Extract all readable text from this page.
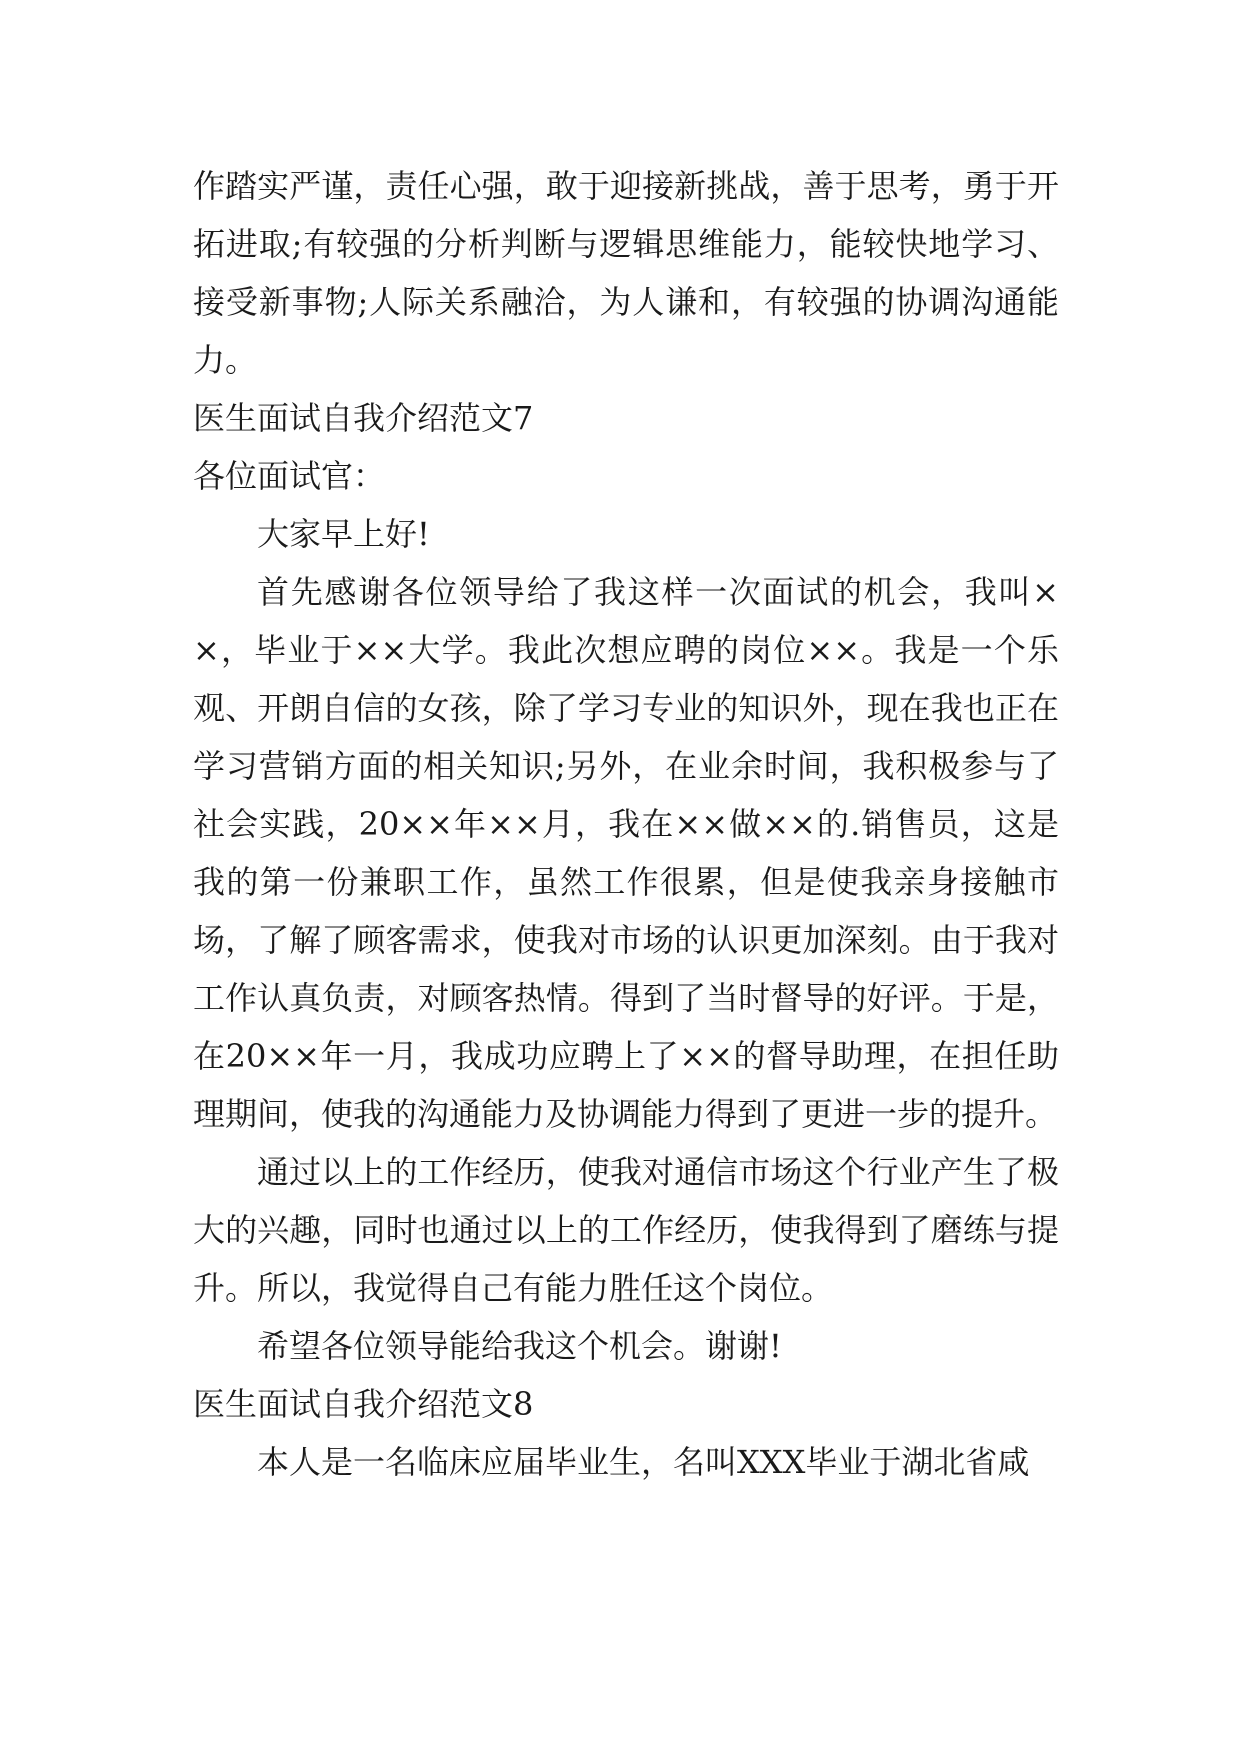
作踏实严谨，责任心强，敢于迎接新挑战，善于思考，勇于开拓进取;有较强的分析判断与逻辑思维能力，能较快地学习、接受新事物;人际关系融洽，为人谦和，有较强的协调沟通能力。

医生面试自我介绍范文7

各位面试官：

大家早上好!

首先感谢各位领导给了我这样一次面试的机会，我叫××，毕业于××大学。我此次想应聘的岗位××。我是一个乐观、开朗自信的女孩，除了学习专业的知识外，现在我也正在学习营销方面的相关知识;另外，在业余时间，我积极参与了社会实践，20××年××月，我在××做××的.销售员，这是我的第一份兼职工作，虽然工作很累，但是使我亲身接触市场，了解了顾客需求，使我对市场的认识更加深刻。由于我对工作认真负责，对顾客热情。得到了当时督导的好评。于是，在20××年一月，我成功应聘上了××的督导助理，在担任助理期间，使我的沟通能力及协调能力得到了更进一步的提升。

通过以上的工作经历，使我对通信市场这个行业产生了极大的兴趣，同时也通过以上的工作经历，使我得到了磨练与提升。所以，我觉得自己有能力胜任这个岗位。

希望各位领导能给我这个机会。谢谢!

医生面试自我介绍范文8

本人是一名临床应届毕业生，名叫XXX毕业于湖北省咸
